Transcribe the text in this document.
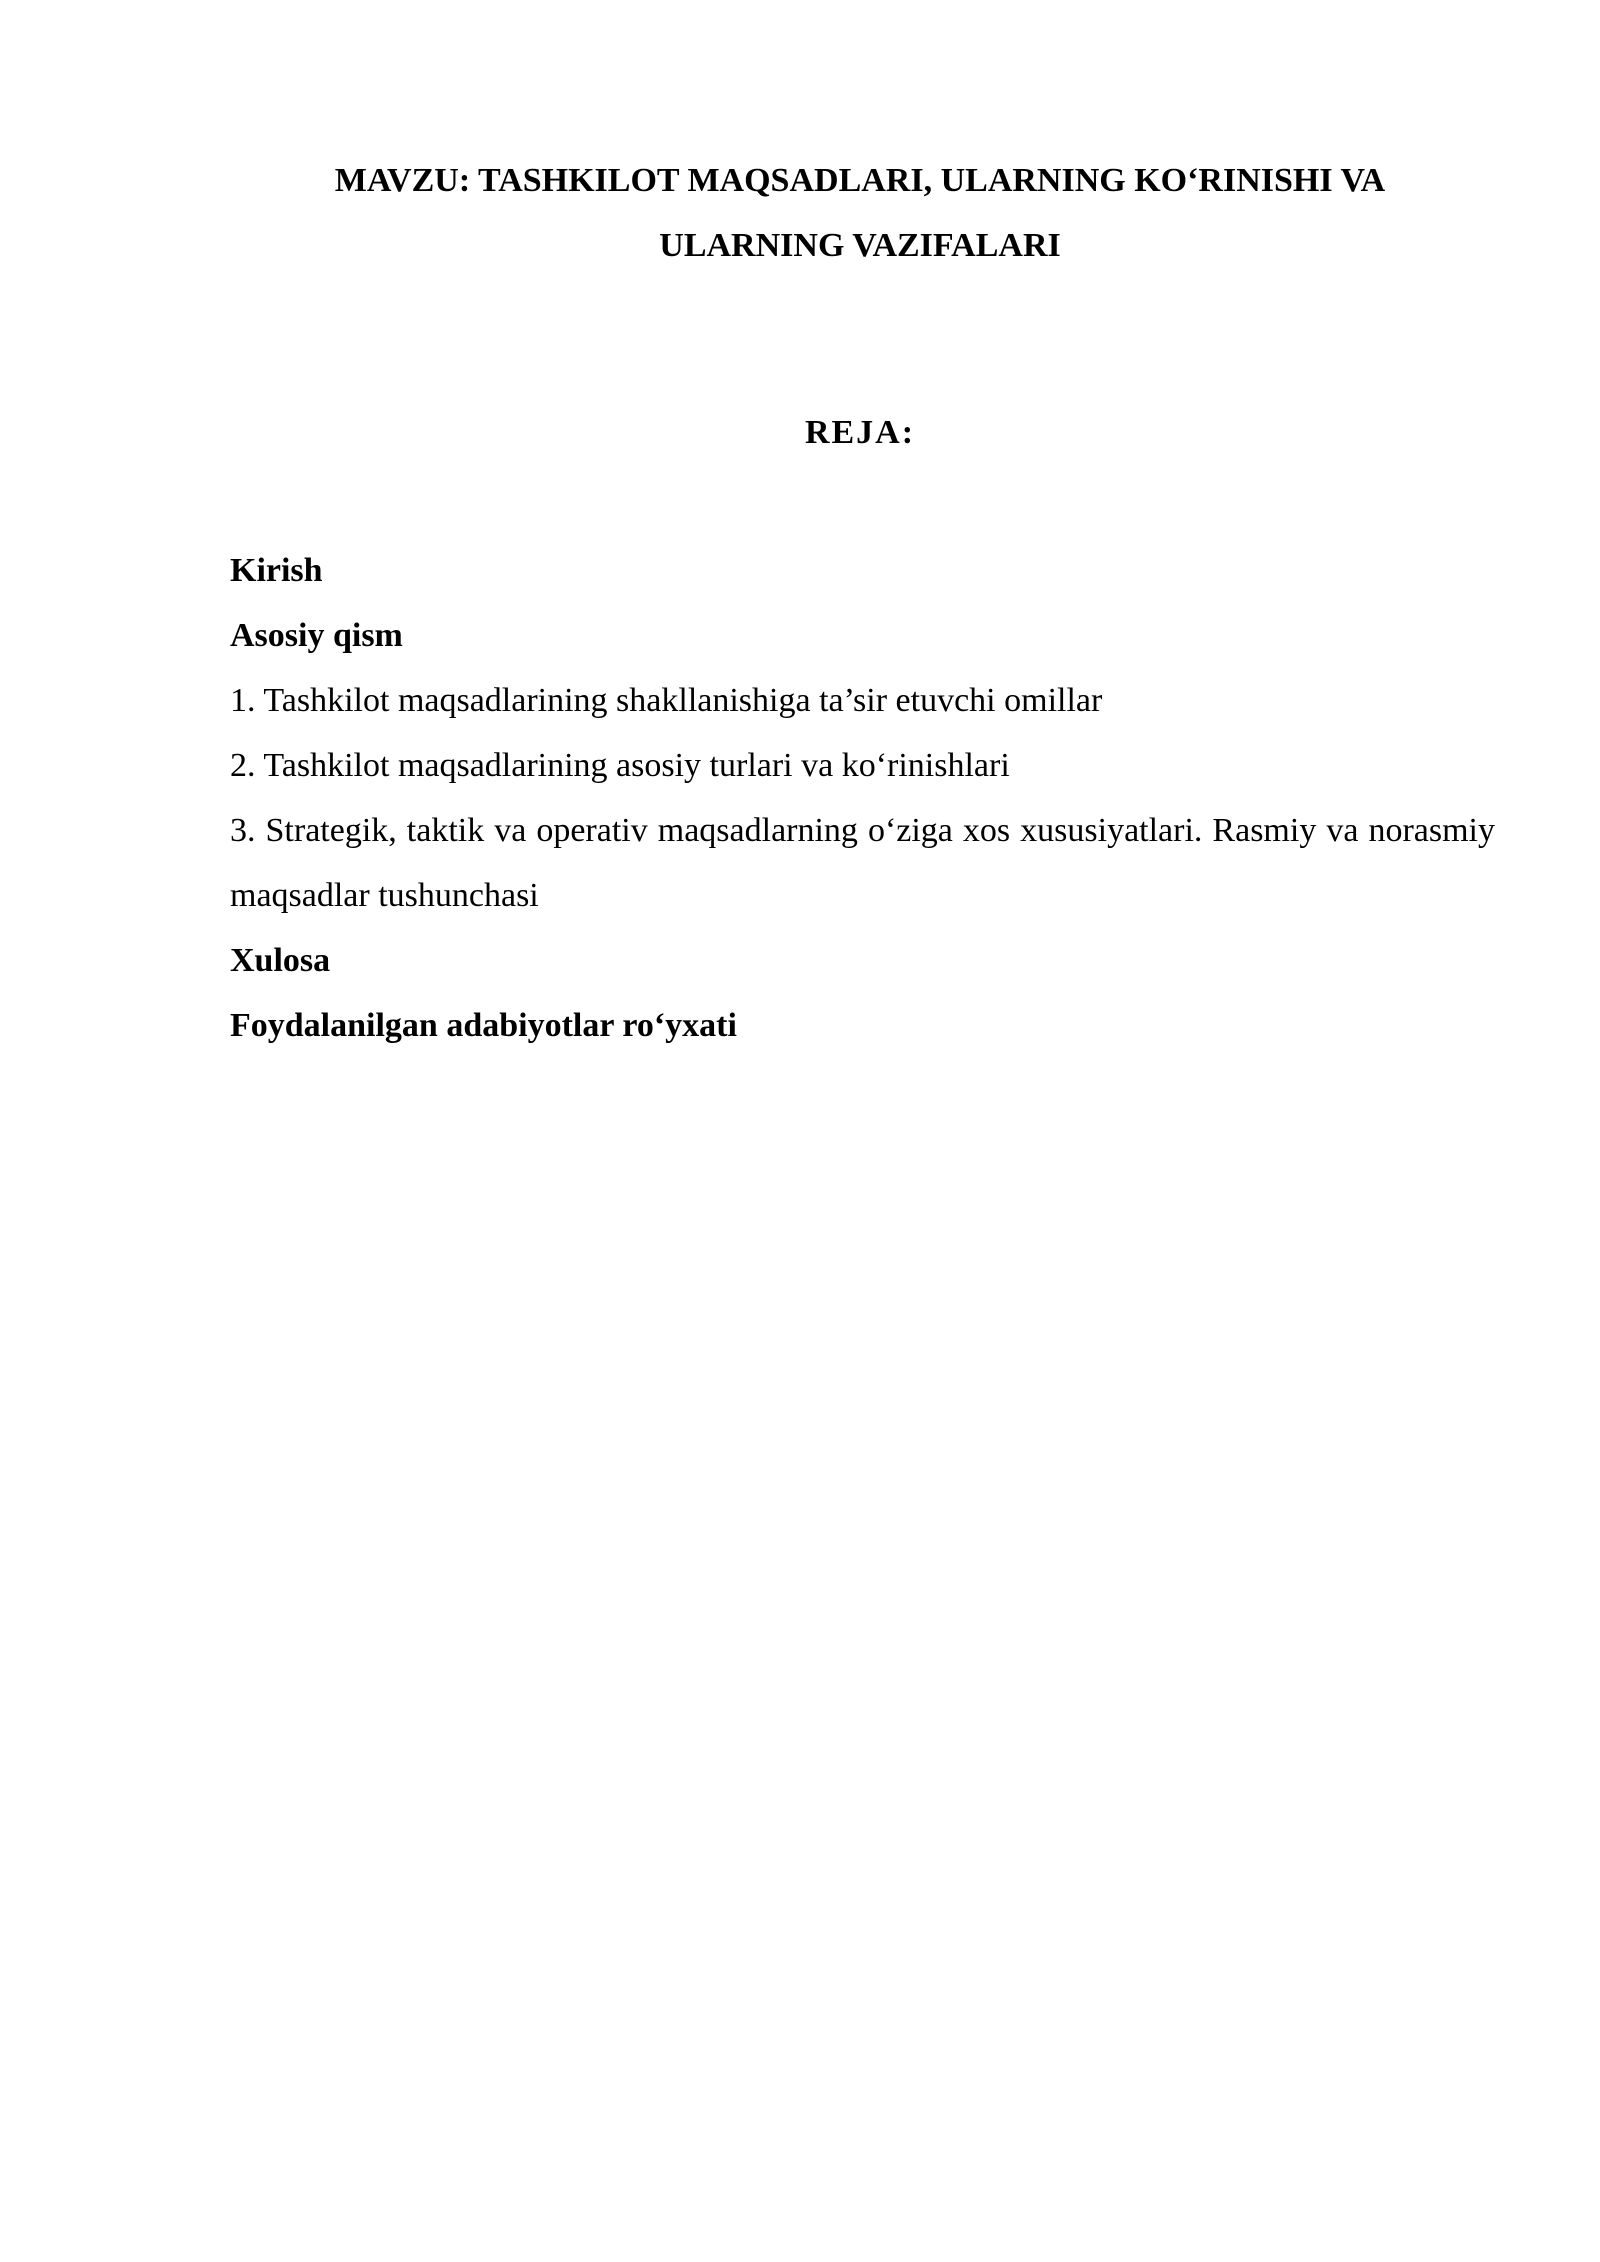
MAVZU: TASHKILOT MAQSADLARI, ULARNING KO‘RINISHI VA
ULARNING VAZIFALARI
REJA:
Kirish
Asosiy qism
1. Tashkilot maqsadlarining shakllanishiga ta’sir etuvchi omillar
2. Tashkilot maqsadlarining asosiy turlari va ko‘rinishlari
3. Strategik, taktik va operativ maqsadlarning o‘ziga xos xususiyatlari. Rasmiy va norasmiy maqsadlar tushunchasi
Xulosa
Foydalanilgan adabiyotlar ro‘yxati
